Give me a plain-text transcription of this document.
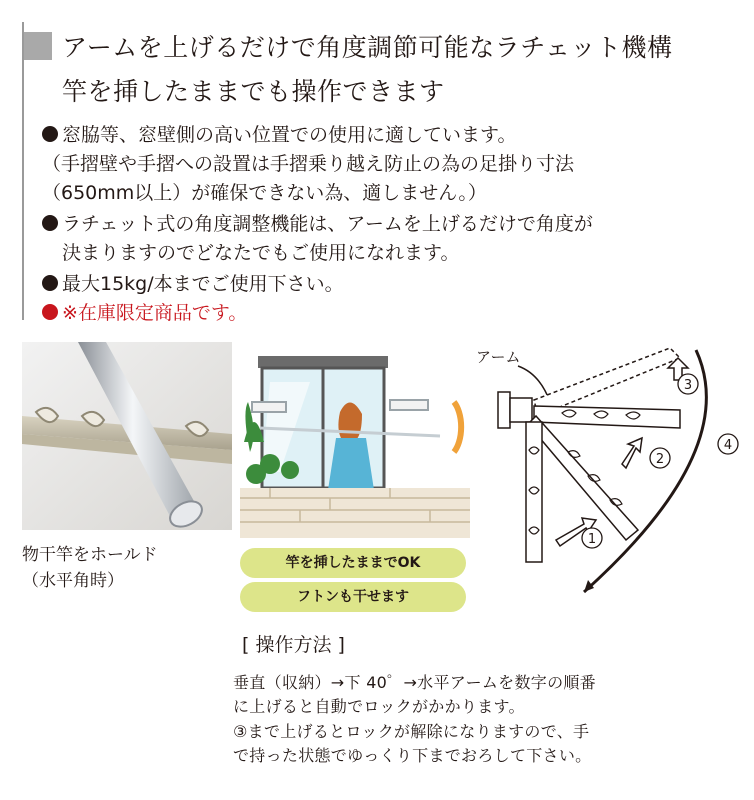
アームを上げるだけで角度調節可能なラチェット機構
竿を挿したままでも操作できます
窓脇等、窓壁側の高い位置での使用に適しています。
（手摺壁や手摺への設置は手摺乗り越え防止の為の足掛り寸法
（650mm以上）が確保できない為、適しません。）
ラチェット式の角度調整機能は、アームを上げるだけで角度が
決まりますのでどなたでもご使用になれます。
最大15kg/本までご使用下さい。
※在庫限定商品です。
物干竿をホールド
（水平角時）
竿を挿したままでOK
フトンも干せます
アーム
3
2
1
4
[ 操作方法 ]
垂直（収納）→下 40゜→水平アームを数字の順番
に上げると自動でロックがかかります。
③まで上げるとロックが解除になりますので、手
で持った状態でゆっくり下までおろして下さい。
